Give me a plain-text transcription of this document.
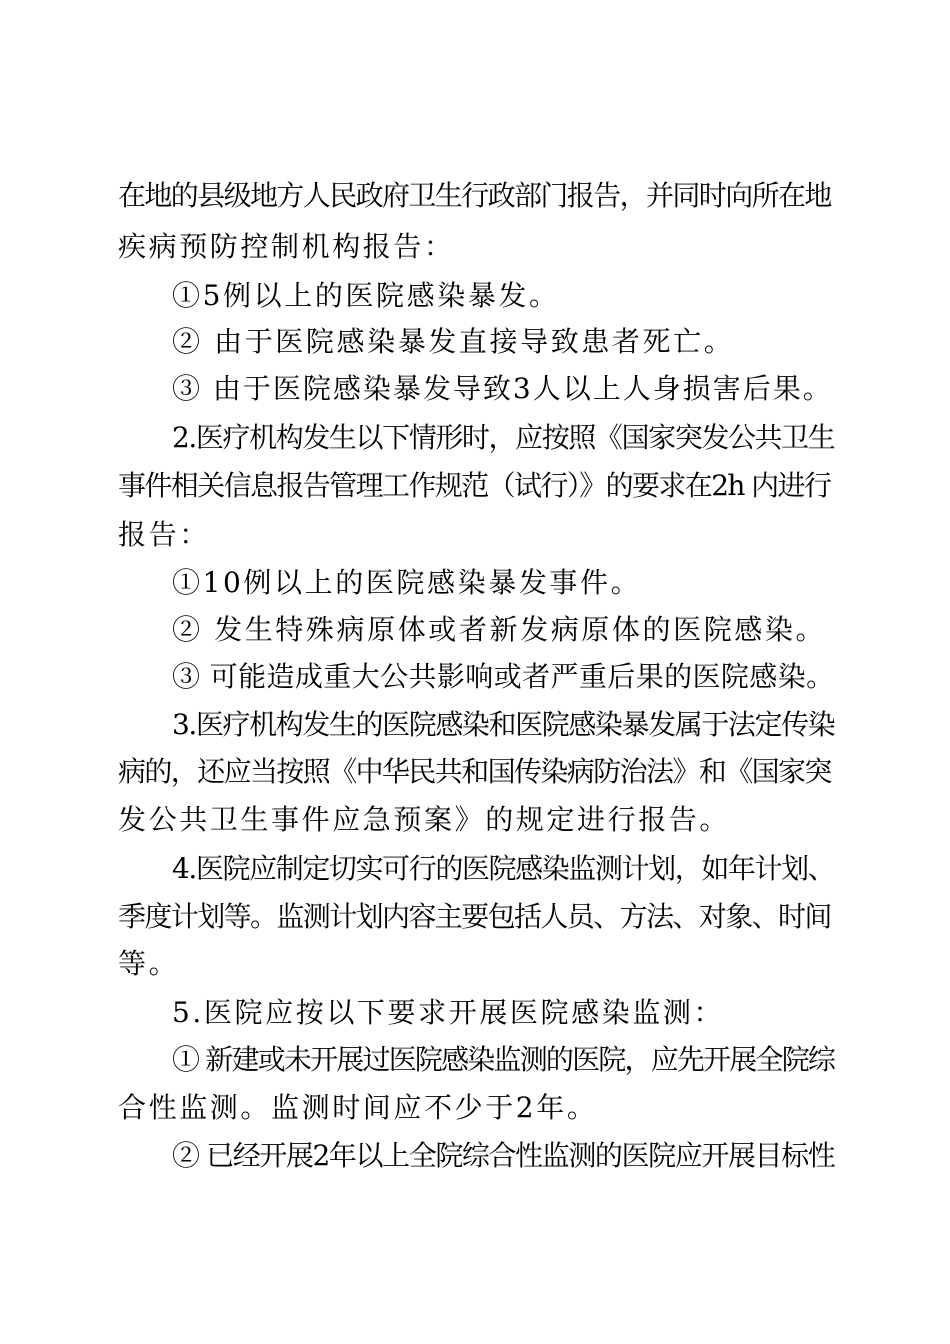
在地的县级地方人民政府卫生行政部门报告，并同时向所在地
疾病预防控制机构报告：
①5例以上的医院感染暴发。
② 由于医院感染暴发直接导致患者死亡。
③ 由于医院感染暴发导致3人以上人身损害后果。
2.医疗机构发生以下情形时，应按照《国家突发公共卫生
事件相关信息报告管理工作规范（试行）》的要求在2h 内进行
报告：
①10例以上的医院感染暴发事件。
② 发生特殊病原体或者新发病原体的医院感染。
③ 可能造成重大公共影响或者严重后果的医院感染。
3.医疗机构发生的医院感染和医院感染暴发属于法定传染
病的，还应当按照《中华民共和国传染病防治法》和《国家突
发公共卫生事件应急预案》的规定进行报告。
4.医院应制定切实可行的医院感染监测计划，如年计划、
季度计划等。监测计划内容主要包括人员、方法、对象、时间
等。
5.医院应按以下要求开展医院感染监测：
① 新建或未开展过医院感染监测的医院，应先开展全院综
合性监测。监测时间应不少于2年。
② 已经开展2年以上全院综合性监测的医院应开展目标性
